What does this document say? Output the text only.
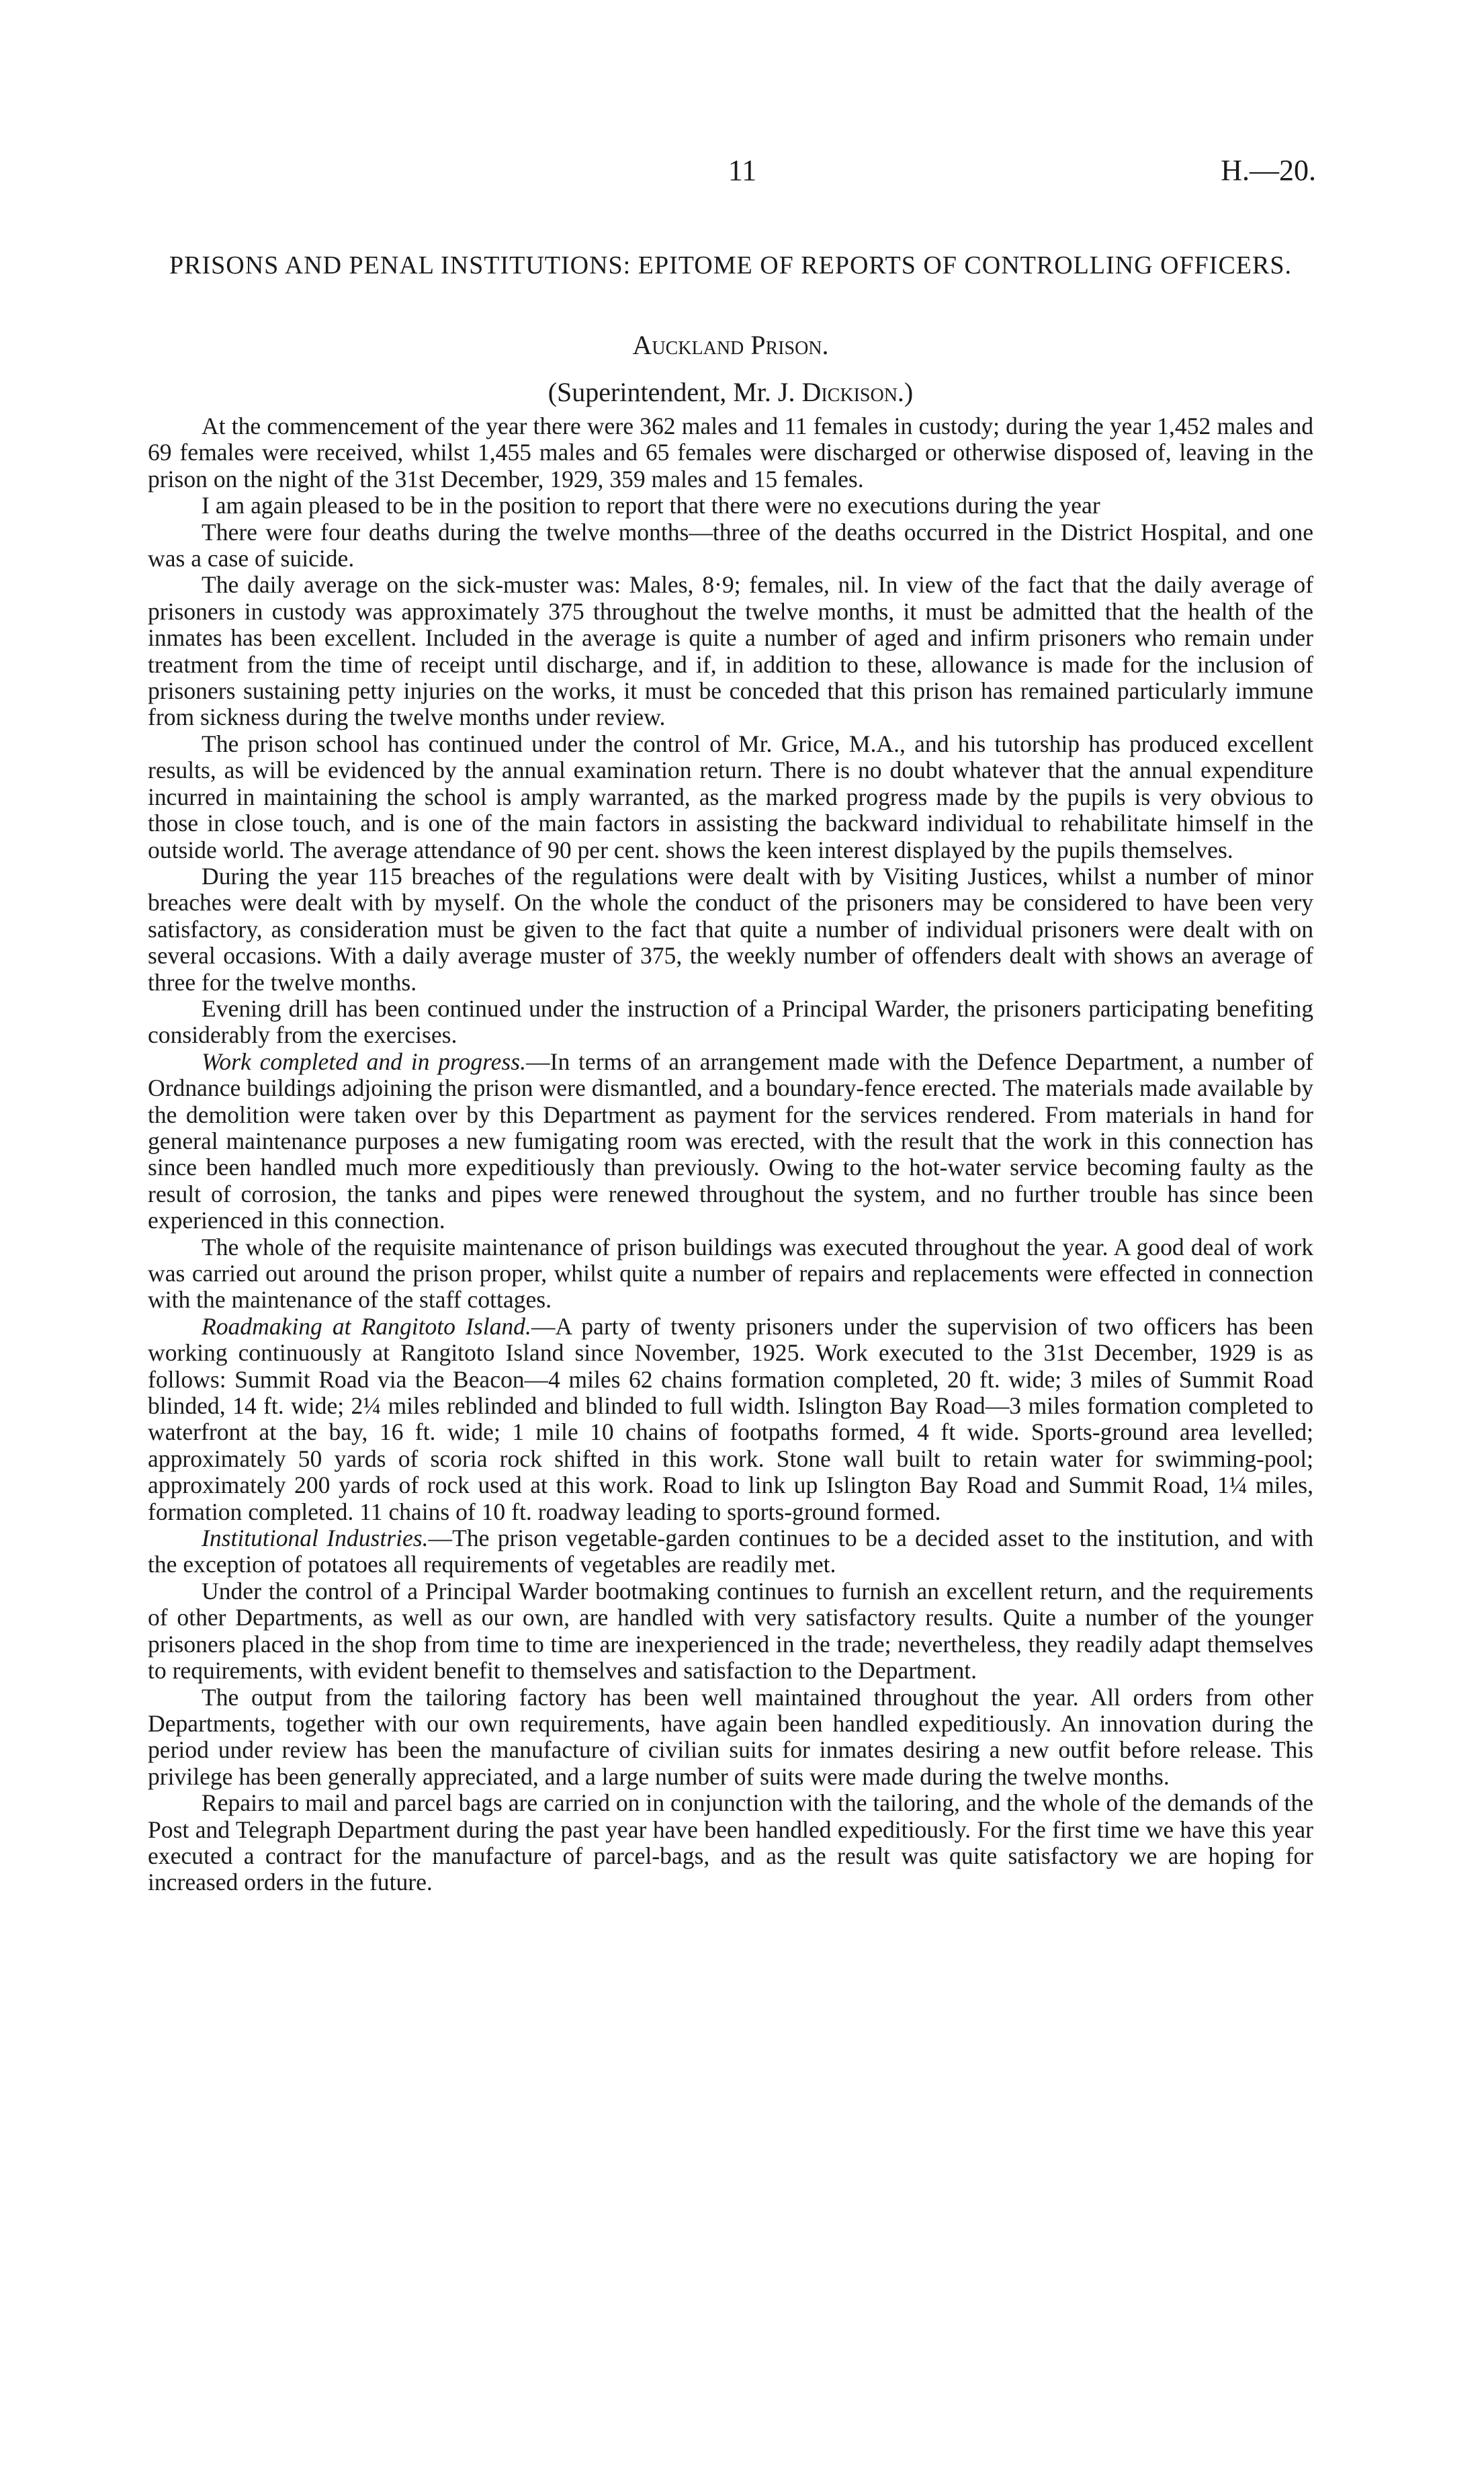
11	H.—20.
PRISONS AND PENAL INSTITUTIONS: EPITOME OF REPORTS OF CONTROLLING OFFICERS.
Auckland Prison.
(Superintendent, Mr. J. Dickison.)

At the commencement of the year there were 362 males and 11 females in custody; during the year 1,452 males and 69 females were received, whilst 1,455 males and 65 females were discharged or otherwise disposed of, leaving in the prison on the night of the 31st December, 1929, 359 males and 15 females.

I am again pleased to be in the position to report that there were no executions during the year

There were four deaths during the twelve months—three of the deaths occurred in the District Hospital, and one was a case of suicide.

The daily average on the sick-muster was: Males, 8·9; females, nil. In view of the fact that the daily average of prisoners in custody was approximately 375 throughout the twelve months, it must be admitted that the health of the inmates has been excellent. Included in the average is quite a number of aged and infirm prisoners who remain under treatment from the time of receipt until discharge, and if, in addition to these, allowance is made for the inclusion of prisoners sustaining petty injuries on the works, it must be conceded that this prison has remained particularly immune from sickness during the twelve months under review.

The prison school has continued under the control of Mr. Grice, M.A., and his tutorship has produced excellent results, as will be evidenced by the annual examination return. There is no doubt whatever that the annual expenditure incurred in maintaining the school is amply warranted, as the marked progress made by the pupils is very obvious to those in close touch, and is one of the main factors in assisting the backward individual to rehabilitate himself in the outside world. The average attendance of 90 per cent. shows the keen interest displayed by the pupils themselves.

During the year 115 breaches of the regulations were dealt with by Visiting Justices, whilst a number of minor breaches were dealt with by myself. On the whole the conduct of the prisoners may be considered to have been very satisfactory, as consideration must be given to the fact that quite a number of individual prisoners were dealt with on several occasions. With a daily average muster of 375, the weekly number of offenders dealt with shows an average of three for the twelve months.

Evening drill has been continued under the instruction of a Principal Warder, the prisoners participating benefiting considerably from the exercises.

Work completed and in progress.—In terms of an arrangement made with the Defence Department, a number of Ordnance buildings adjoining the prison were dismantled, and a boundary-fence erected. The materials made available by the demolition were taken over by this Department as payment for the services rendered. From materials in hand for general maintenance purposes a new fumigating room was erected, with the result that the work in this connection has since been handled much more expeditiously than previously. Owing to the hot-water service becoming faulty as the result of corrosion, the tanks and pipes were renewed throughout the system, and no further trouble has since been experienced in this connection.

The whole of the requisite maintenance of prison buildings was executed throughout the year. A good deal of work was carried out around the prison proper, whilst quite a number of repairs and replacements were effected in connection with the maintenance of the staff cottages.

Roadmaking at Rangitoto Island.—A party of twenty prisoners under the supervision of two officers has been working continuously at Rangitoto Island since November, 1925. Work executed to the 31st December, 1929 is as follows: Summit Road via the Beacon—4 miles 62 chains formation completed, 20 ft. wide; 3 miles of Summit Road blinded, 14 ft. wide; 2¼ miles reblinded and blinded to full width. Islington Bay Road—3 miles formation completed to waterfront at the bay, 16 ft. wide; 1 mile 10 chains of footpaths formed, 4 ft wide. Sports-ground area levelled; approximately 50 yards of scoria rock shifted in this work. Stone wall built to retain water for swimming-pool; approximately 200 yards of rock used at this work. Road to link up Islington Bay Road and Summit Road, 1¼ miles, formation completed. 11 chains of 10 ft. roadway leading to sports-ground formed.

Institutional Industries.—The prison vegetable-garden continues to be a decided asset to the institution, and with the exception of potatoes all requirements of vegetables are readily met.

Under the control of a Principal Warder bootmaking continues to furnish an excellent return, and the requirements of other Departments, as well as our own, are handled with very satisfactory results. Quite a number of the younger prisoners placed in the shop from time to time are inexperienced in the trade; nevertheless, they readily adapt themselves to requirements, with evident benefit to themselves and satisfaction to the Department.

The output from the tailoring factory has been well maintained throughout the year. All orders from other Departments, together with our own requirements, have again been handled expeditiously. An innovation during the period under review has been the manufacture of civilian suits for inmates desiring a new outfit before release. This privilege has been generally appreciated, and a large number of suits were made during the twelve months.

Repairs to mail and parcel bags are carried on in conjunction with the tailoring, and the whole of the demands of the Post and Telegraph Department during the past year have been handled expeditiously. For the first time we have this year executed a contract for the manufacture of parcel-bags, and as the result was quite satisfactory we are hoping for increased orders in the future.
